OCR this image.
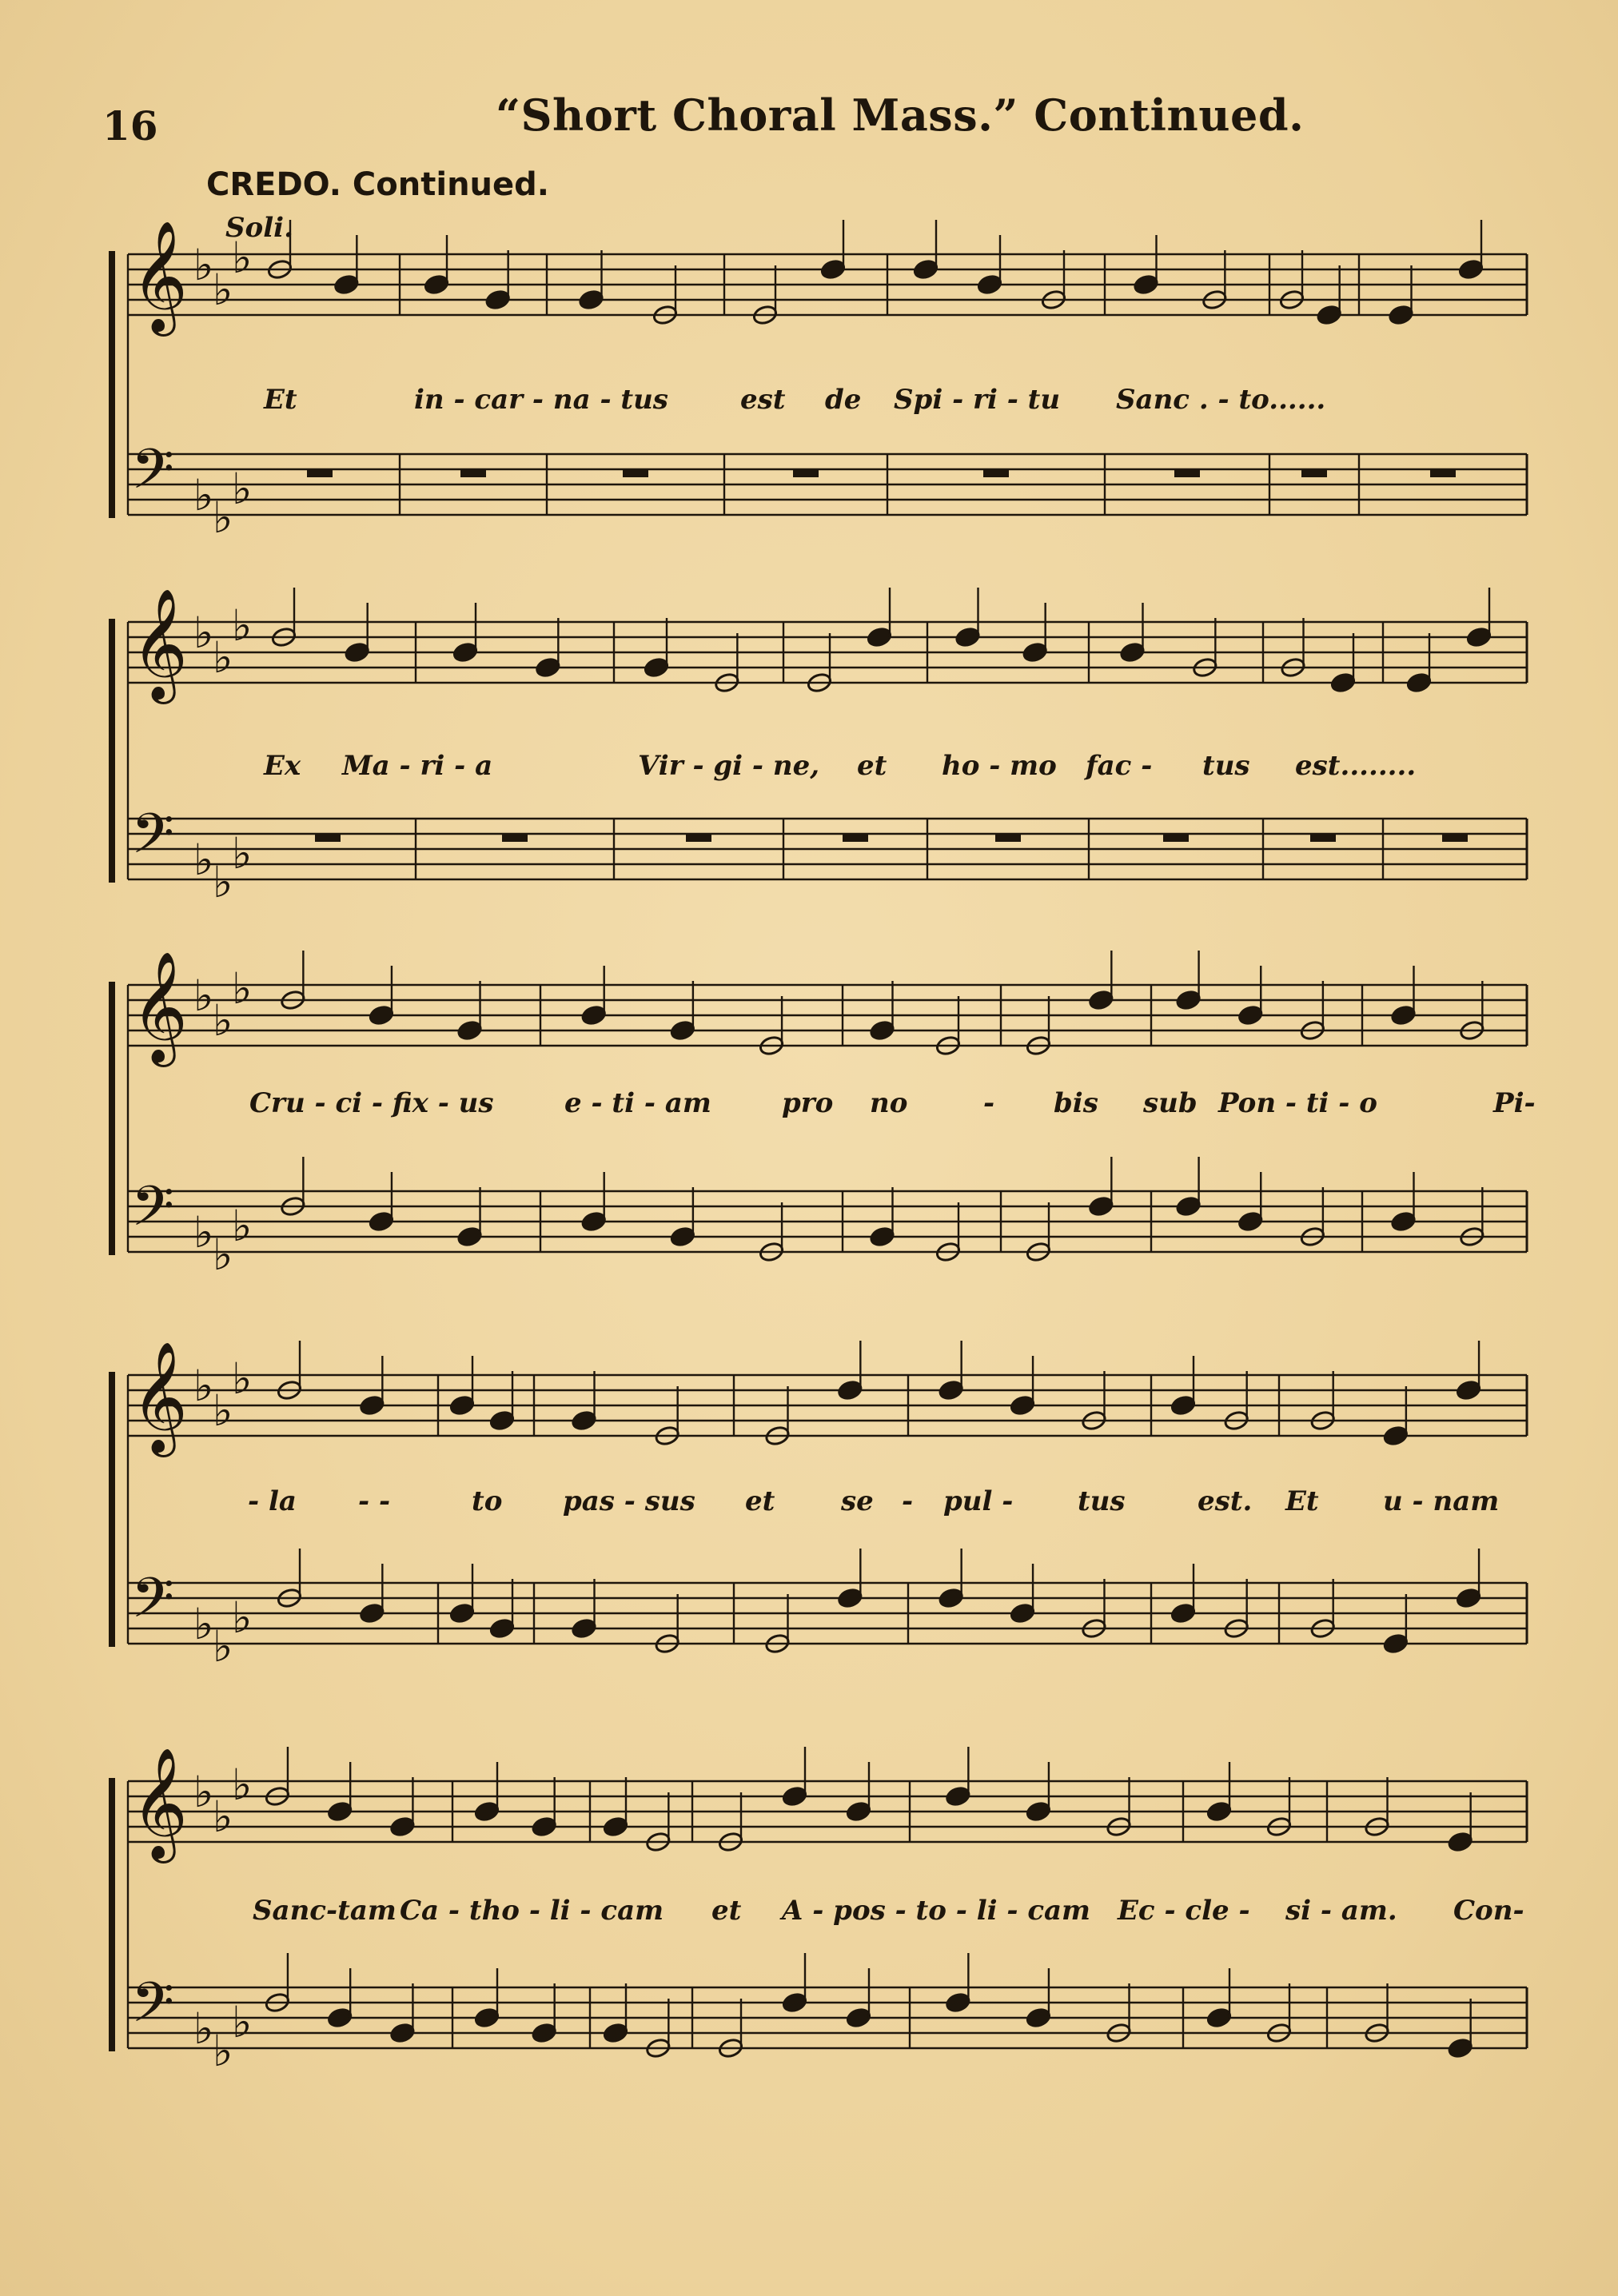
16	“Short Choral Mass.” Continued.
CREDO. Continued.
Soli.
𝄞 ♭
♭
♭
𝄢 ♭
♭
♭
𝄞 ♭
♭
♭
𝄢 ♭
♭
♭
𝄞 ♭
♭
♭
𝄢 ♭
♭
♭
𝄞 ♭
♭
♭
𝄢 ♭
♭
♭
𝄞 ♭
♭
♭
𝄢 ♭
♭
♭
Et	in - car - na - tus	est de Spi - ri - tu Sanc . - to......
Ex Ma - ri - a	Vir - gi - ne, et ho - mo fac - tus est........
Cru - ci - fix - us	e - ti - am	pro no	- bis sub Pon - ti - o	Pi-
- la - -	to pas - sus et se - pul - tus	est. Et u - nam
Sanc-tam Ca - tho - li - cam et A - pos - to - li - cam Ec - cle - si - am. Con-
